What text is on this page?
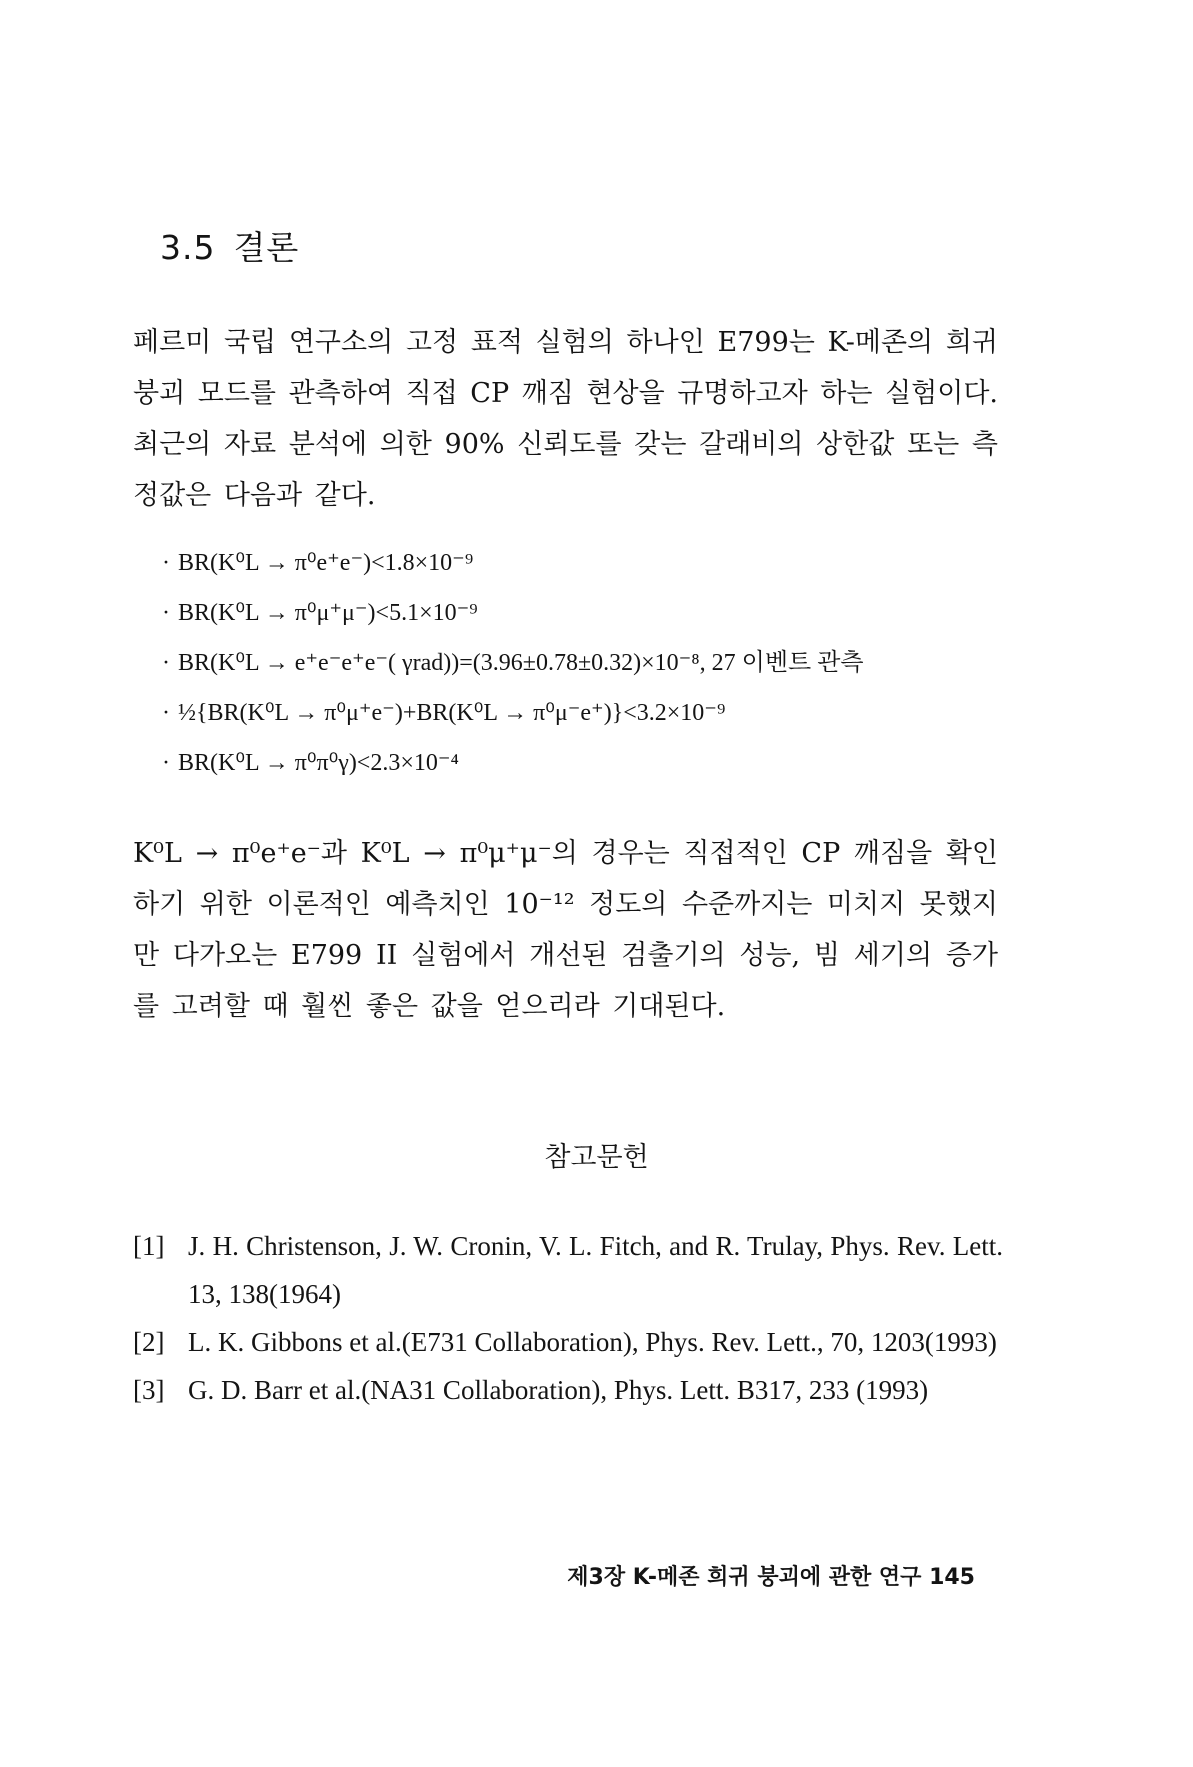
3.5 결론
페르미 국립 연구소의 고정 표적 실험의 하나인 E799는 K-메존의 희귀 붕괴 모드를 관측하여 직접 CP 깨짐 현상을 규명하고자 하는 실험이다. 최근의 자료 분석에 의한 90% 신뢰도를 갖는 갈래비의 상한값 또는 측정값은 다음과 같다.
· BR(K⁰L → π⁰e⁺e⁻)<1.8×10⁻⁹
· BR(K⁰L → π⁰μ⁺μ⁻)<5.1×10⁻⁹
· BR(K⁰L → e⁺e⁻e⁺e⁻( γrad))=(3.96±0.78±0.32)×10⁻⁸, 27 이벤트 관측
· ½{BR(K⁰L → π⁰μ⁺e⁻)+BR(K⁰L → π⁰μ⁻e⁺)}<3.2×10⁻⁹
· BR(K⁰L → π⁰π⁰γ)<2.3×10⁻⁴
K⁰L → π⁰e⁺e⁻과 K⁰L → π⁰μ⁺μ⁻의 경우는 직접적인 CP 깨짐을 확인하기 위한 이론적인 예측치인 10⁻¹² 정도의 수준까지는 미치지 못했지만 다가오는 E799 II 실험에서 개선된 검출기의 성능, 빔 세기의 증가를 고려할 때 훨씬 좋은 값을 얻으리라 기대된다.
참고문헌
[1] J. H. Christenson, J. W. Cronin, V. L. Fitch, and R. Trulay, Phys. Rev. Lett. 13, 138(1964)
[2] L. K. Gibbons et al.(E731 Collaboration), Phys. Rev. Lett., 70, 1203(1993)
[3] G. D. Barr et al.(NA31 Collaboration), Phys. Lett. B317, 233 (1993)
제3장 K-메존 희귀 붕괴에 관한 연구 145
